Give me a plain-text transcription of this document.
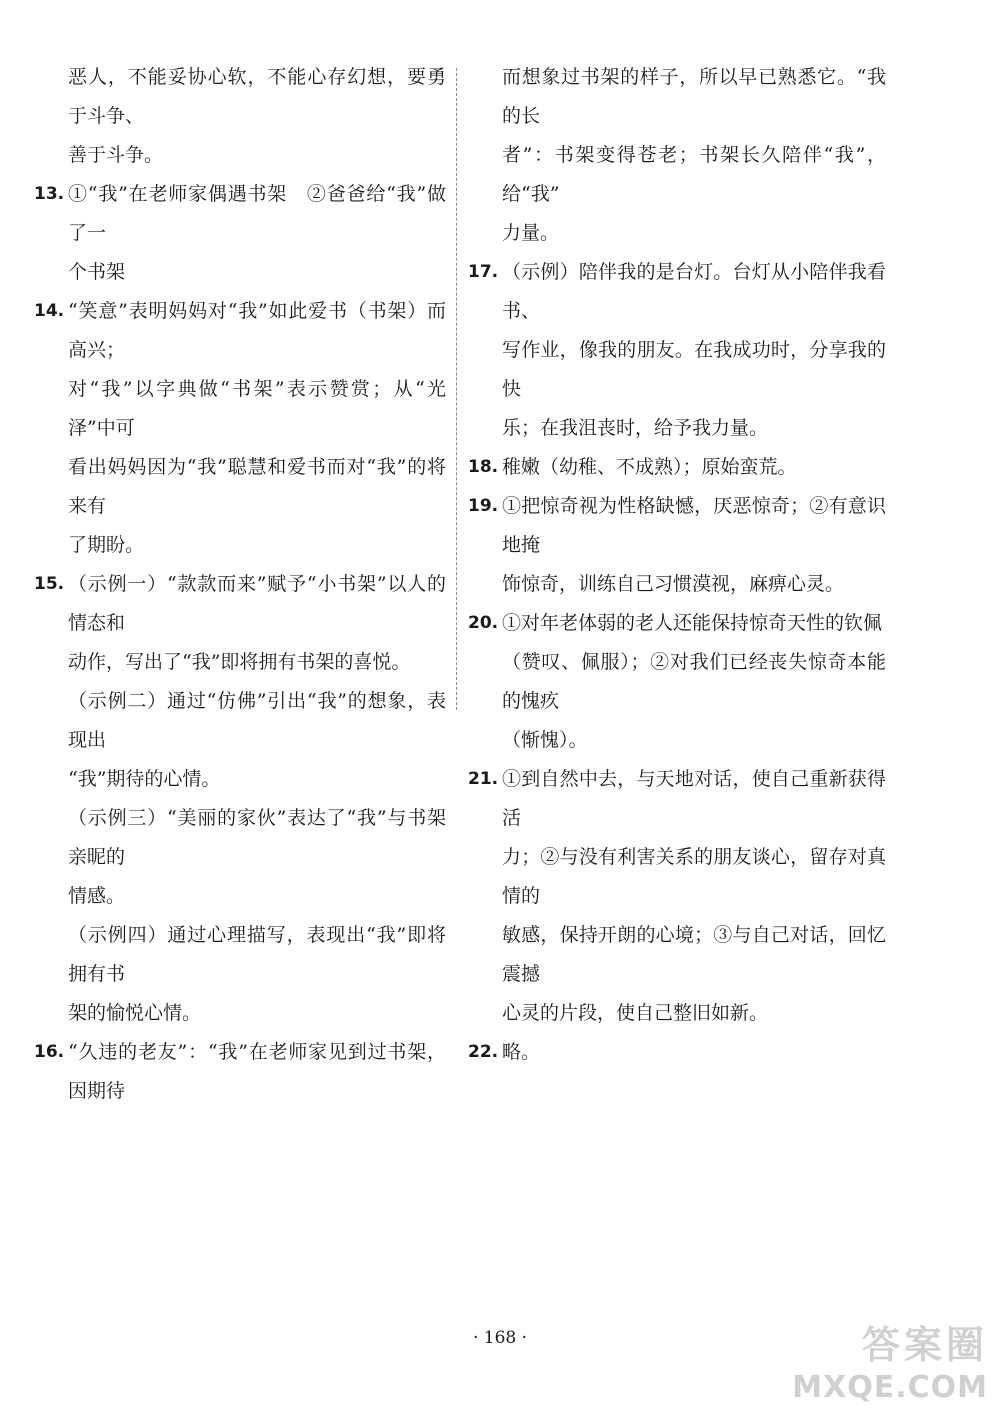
恶人，不能妥协心软，不能心存幻想，要勇于斗争、
善于斗争。
13. ①“我”在老师家偶遇书架　②爸爸给“我”做了一
个书架
14. “笑意”表明妈妈对“我”如此爱书（书架）而高兴；
对“我”以字典做“书架”表示赞赏；从“光泽”中可
看出妈妈因为“我”聪慧和爱书而对“我”的将来有
了期盼。
15. （示例一）“款款而来”赋予“小书架”以人的情态和
动作，写出了“我”即将拥有书架的喜悦。
（示例二）通过“仿佛”引出“我”的想象，表现出
“我”期待的心情。
（示例三）“美丽的家伙”表达了“我”与书架亲昵的
情感。
（示例四）通过心理描写，表现出“我”即将拥有书
架的愉悦心情。
16. “久违的老友”：“我”在老师家见到过书架，因期待
而想象过书架的样子，所以早已熟悉它。“我的长
者”：书架变得苍老；书架长久陪伴“我”，给“我”
力量。
17. （示例）陪伴我的是台灯。台灯从小陪伴我看书、
写作业，像我的朋友。在我成功时，分享我的快
乐；在我沮丧时，给予我力量。
18. 稚嫩（幼稚、不成熟）；原始蛮荒。
19. ①把惊奇视为性格缺憾，厌恶惊奇；②有意识地掩
饰惊奇，训练自己习惯漠视，麻痹心灵。
20. ①对年老体弱的老人还能保持惊奇天性的钦佩
（赞叹、佩服）；②对我们已经丧失惊奇本能的愧疚
（惭愧）。
21. ①到自然中去，与天地对话，使自己重新获得活
力；②与没有利害关系的朋友谈心，留存对真情的
敏感，保持开朗的心境；③与自己对话，回忆震撼
心灵的片段，使自己整旧如新。
22. 略。
· 168 ·	答案圈
MXQE.COM
